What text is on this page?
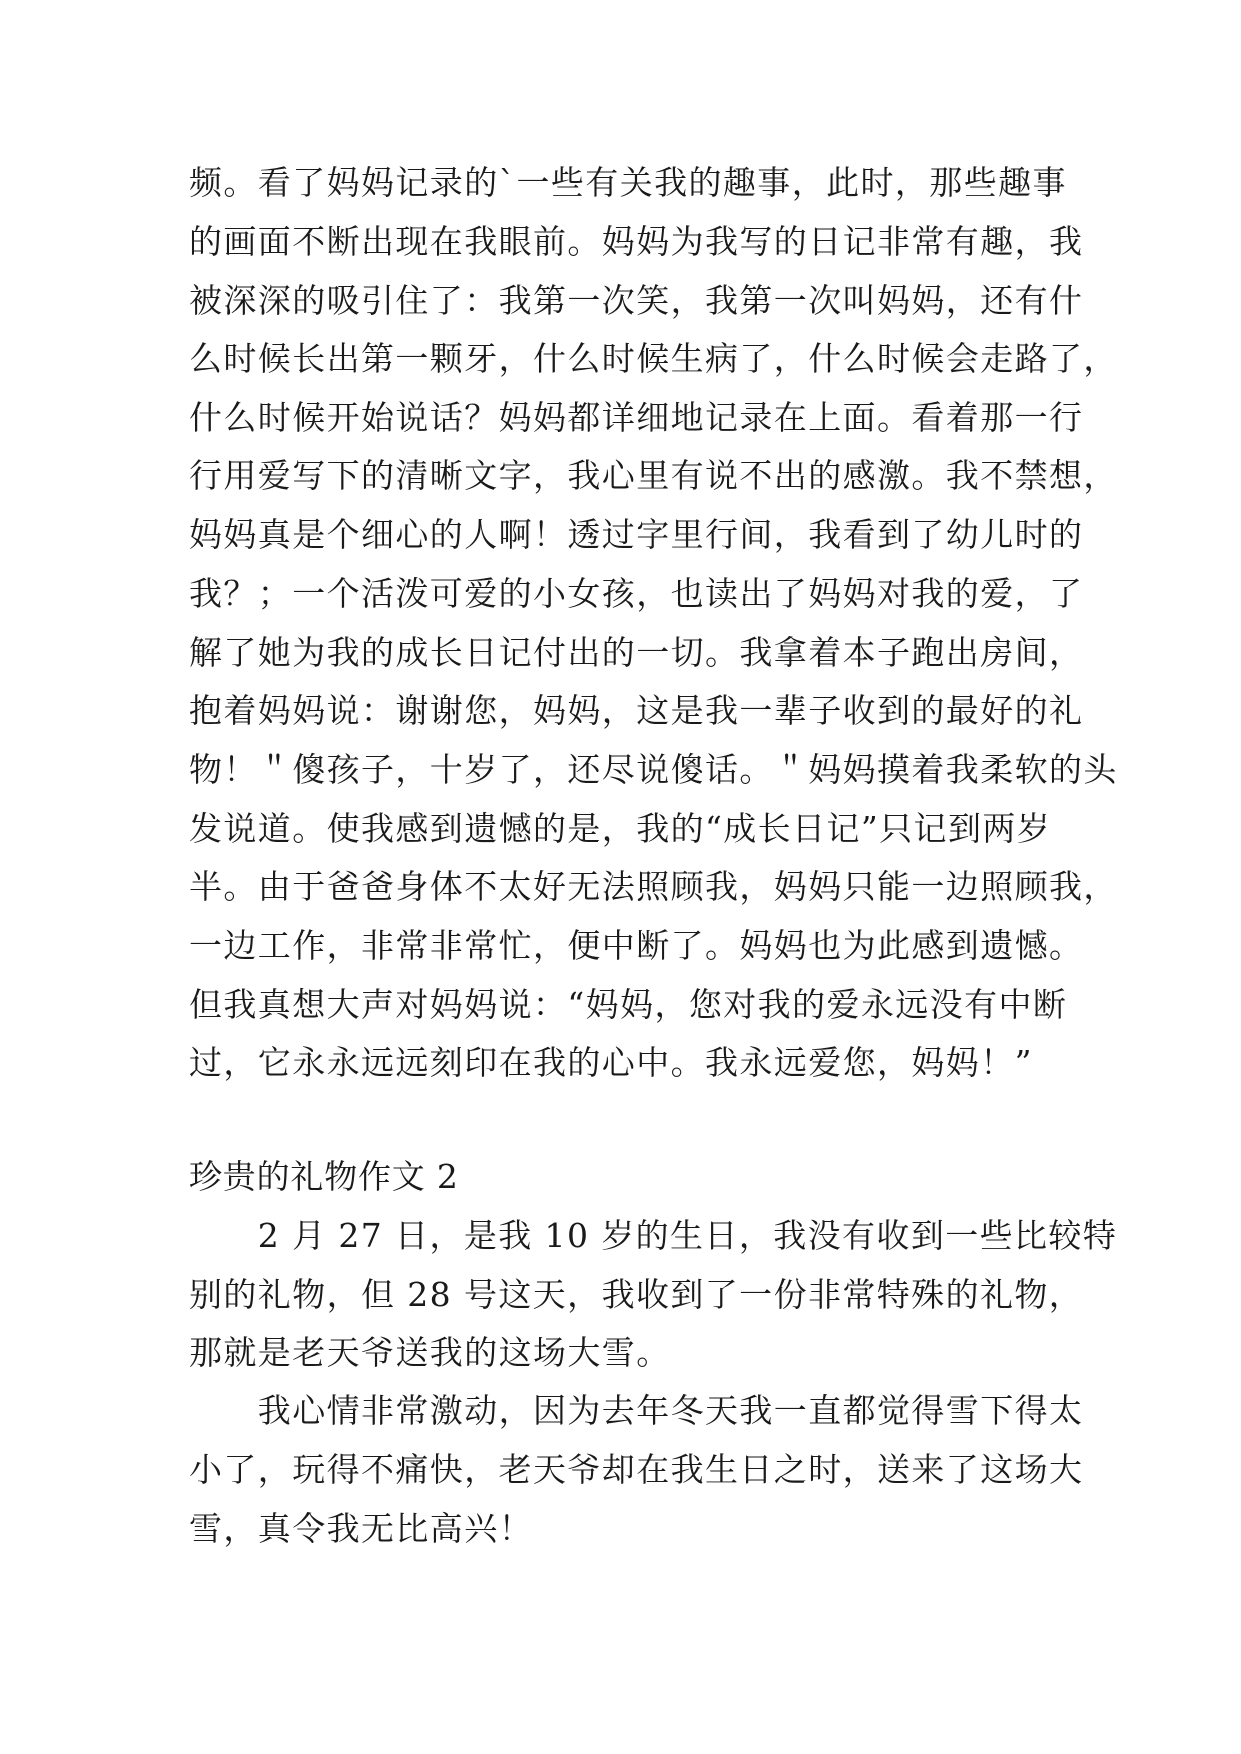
频。看了妈妈记录的`一些有关我的趣事，此时，那些趣事
的画面不断出现在我眼前。妈妈为我写的日记非常有趣，我
被深深的吸引住了：我第一次笑，我第一次叫妈妈，还有什
么时候长出第一颗牙，什么时候生病了，什么时候会走路了，
什么时候开始说话？妈妈都详细地记录在上面。看着那一行
行用爱写下的清晰文字，我心里有说不出的感激。我不禁想，
妈妈真是个细心的人啊！透过字里行间，我看到了幼儿时的
我？；一个活泼可爱的小女孩，也读出了妈妈对我的爱，了
解了她为我的成长日记付出的一切。我拿着本子跑出房间，
抱着妈妈说：谢谢您，妈妈，这是我一辈子收到的最好的礼
物！＂傻孩子，十岁了，还尽说傻话。＂妈妈摸着我柔软的头
发说道。使我感到遗憾的是，我的“成长日记”只记到两岁
半。由于爸爸身体不太好无法照顾我，妈妈只能一边照顾我，
一边工作，非常非常忙，便中断了。妈妈也为此感到遗憾。
但我真想大声对妈妈说：“妈妈，您对我的爱永远没有中断
过，它永永远远刻印在我的心中。我永远爱您，妈妈！”
珍贵的礼物作文 2
　　2 月 27 日，是我 10 岁的生日，我没有收到一些比较特
别的礼物，但 28 号这天，我收到了一份非常特殊的礼物，
那就是老天爷送我的这场大雪。
　　我心情非常激动，因为去年冬天我一直都觉得雪下得太
小了，玩得不痛快，老天爷却在我生日之时，送来了这场大
雪，真令我无比高兴！
